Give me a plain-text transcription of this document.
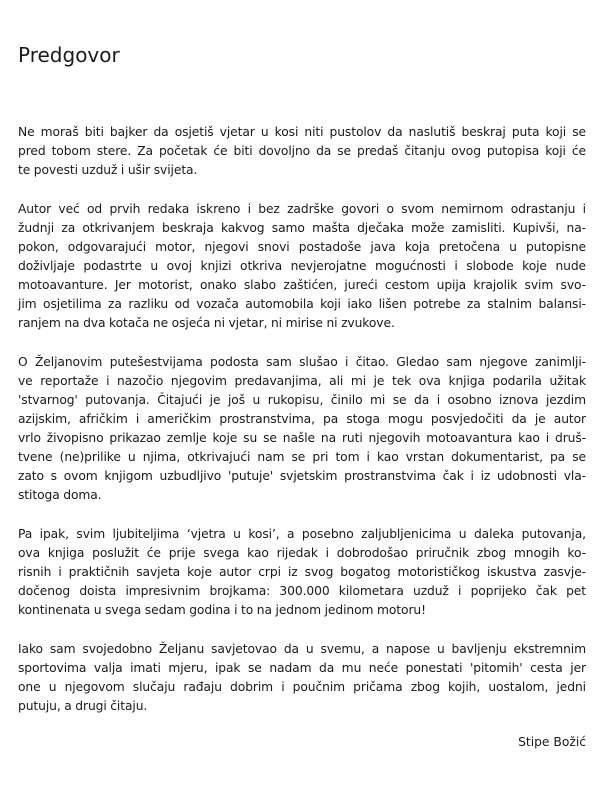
Predgovor

Ne moraš biti bajker da osjetiš vjetar u kosi niti pustolov da naslutiš beskraj puta koji se
pred tobom stere. Za početak će biti dovoljno da se predaš čitanju ovog putopisa koji će
te povesti uzduž i ušir svijeta.

Autor već od prvih redaka iskreno i bez zadrške govori o svom nemirnom odrastanju i
žudnji za otkrivanjem beskraja kakvog samo mašta dječaka može zamisliti. Kupivši, na-
pokon, odgovarajući motor, njegovi snovi postadoše java koja pretočena u putopisne
doživljaje podastrte u ovoj knjizi otkriva nevjerojatne mogućnosti i slobode koje nude
motoavanture. Jer motorist, onako slabo zaštićen, jureći cestom upija krajolik svim svo-
jim osjetilima za razliku od vozača automobila koji iako lišen potrebe za stalnim balansi-
ranjem na dva kotača ne osjeća ni vjetar, ni mirise ni zvukove.

O Željanovim putešestvijama podosta sam slušao i čitao. Gledao sam njegove zanimlji-
ve reportaže i nazočio njegovim predavanjima, ali mi je tek ova knjiga podarila užitak
'stvarnog' putovanja. Čitajući je još u rukopisu, činilo mi se da i osobno iznova jezdim
azijskim, afričkim i američkim prostranstvima, pa stoga mogu posvjedočiti da je autor
vrlo živopisno prikazao zemlje koje su se našle na ruti njegovih motoavantura kao i druš-
tvene (ne)prilike u njima, otkrivajući nam se pri tom i kao vrstan dokumentarist, pa se
zato s ovom knjigom uzbudljivo 'putuje' svjetskim prostranstvima čak i iz udobnosti vla-
stitoga doma.

Pa ipak, svim ljubiteljima ‘vjetra u kosi’, a posebno zaljubljenicima u daleka putovanja,
ova knjiga poslužit će prije svega kao rijedak i dobrodošao priručnik zbog mnogih ko-
risnih i praktičnih savjeta koje autor crpi iz svog bogatog motorističkog iskustva zasvje-
dočenog doista impresivnim brojkama: 300.000 kilometara uzduž i poprijeko čak pet
kontinenata u svega sedam godina i to na jednom jedinom motoru!

Iako sam svojedobno Željanu savjetovao da u svemu, a napose u bavljenju ekstremnim
sportovima valja imati mjeru, ipak se nadam da mu neće ponestati 'pitomih' cesta jer
one u njegovom slučaju rađaju dobrim i poučnim pričama zbog kojih, uostalom, jedni
putuju, a drugi čitaju.

Stipe Božić
